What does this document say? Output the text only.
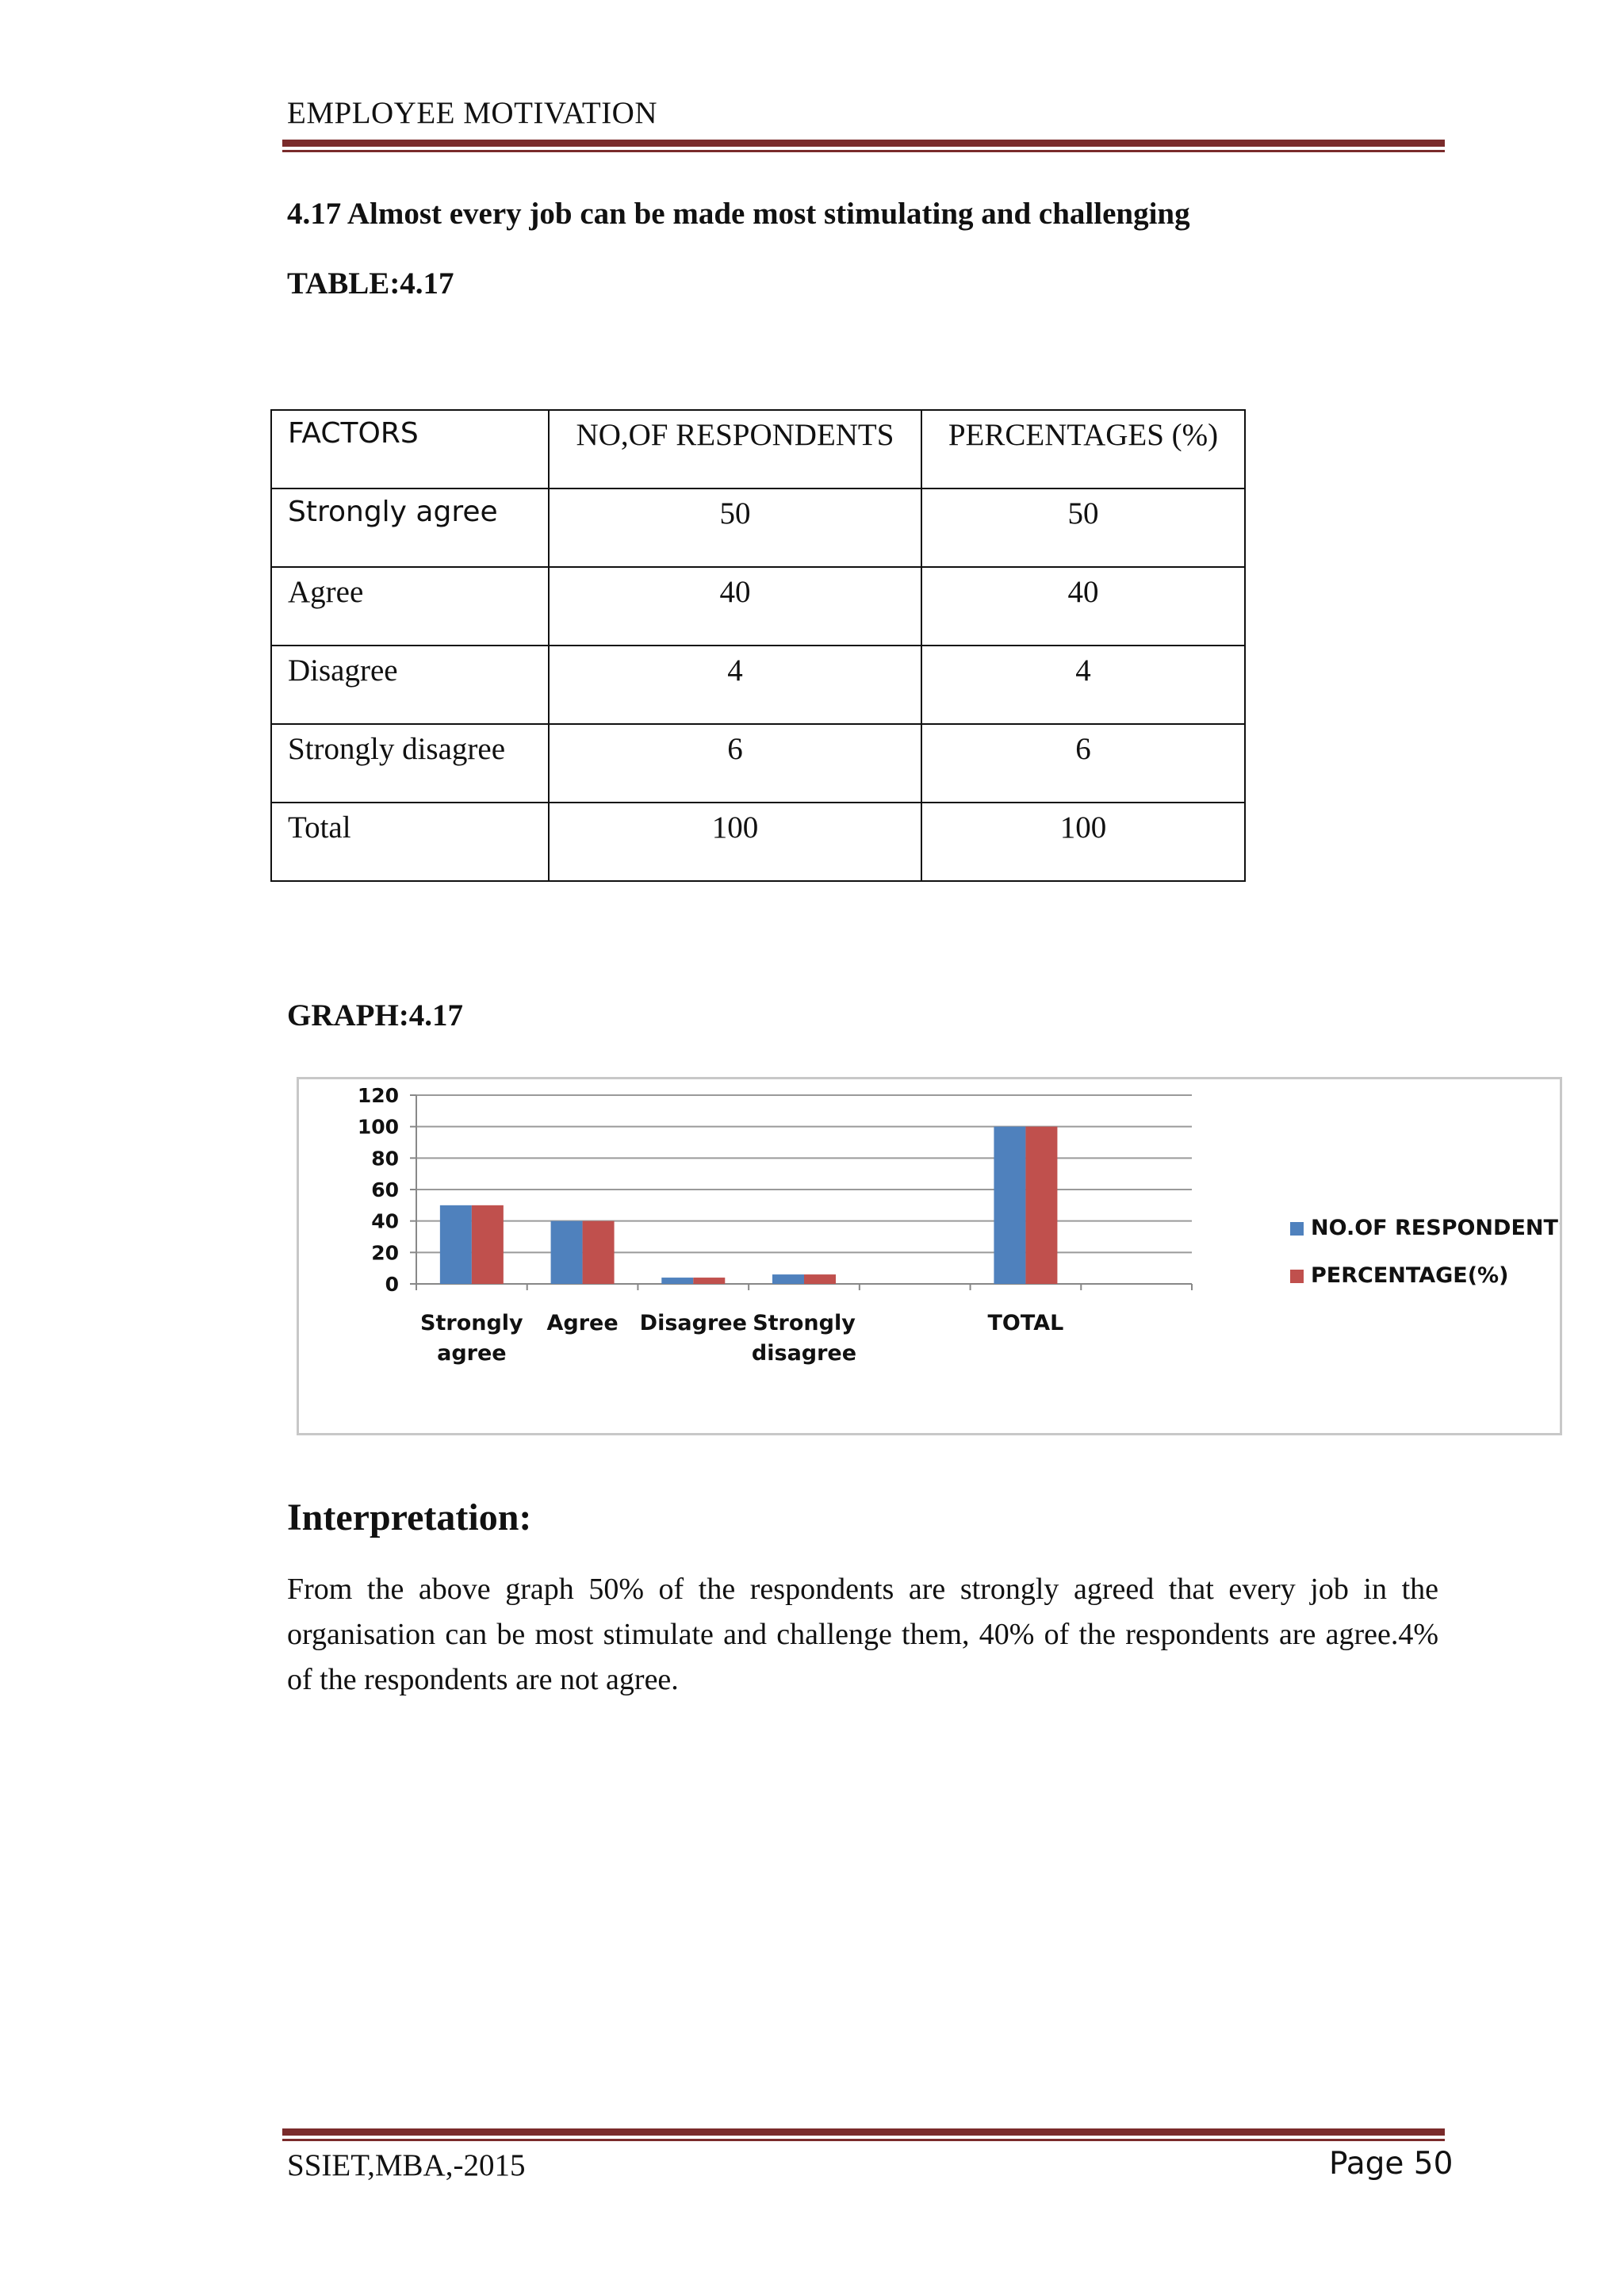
EMPLOYEE MOTIVATION
4.17 Almost every job can be made most stimulating and challenging
TABLE:4.17
FACTORS	NO,OF RESPONDENTS	PERCENTAGES (%)
Strongly agree	50	50
Agree	40	40
Disagree	4	4
Strongly disagree	6	6
Total	100	100
GRAPH:4.17
0
20
40
60
80
100
120
Strongly agree
Agree Disagree Strongly disagree
TOTAL
NO.OF RESPONDENTS
PERCENTAGE(%)
Interpretation:
From the above graph 50% of the respondents are strongly agreed that every job in the organisation can be most stimulate and challenge them, 40% of the respondents are agree.4% of the respondents are not agree.
SSIET,MBA,-2015	Page 50
